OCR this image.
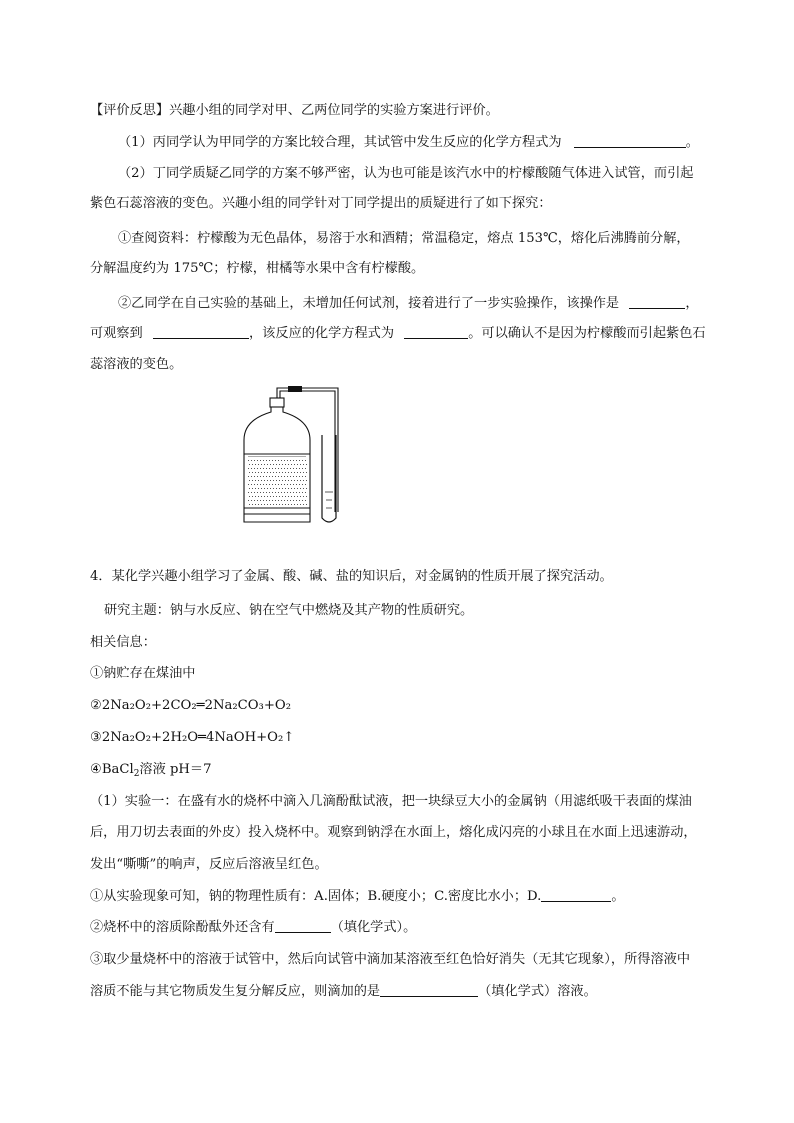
【评价反思】兴趣小组的同学对甲、乙两位同学的实验方案进行评价。
（1）丙同学认为甲同学的方案比较合理，其试管中发生反应的化学方程式为	。
（2）丁同学质疑乙同学的方案不够严密，认为也可能是该汽水中的柠檬酸随气体进入试管，而引起
紫色石蕊溶液的变色。兴趣小组的同学针对丁同学提出的质疑进行了如下探究：
①查阅资料：柠檬酸为无色晶体，易溶于水和酒精；常温稳定，熔点 153℃，熔化后沸腾前分解，
分解温度约为 175℃；柠檬，柑橘等水果中含有柠檬酸。
②乙同学在自己实验的基础上，未增加任何试剂，接着进行了一步实验操作，该操作是	，
可观察到	，该反应的化学方程式为	。可以确认不是因为柠檬酸而引起紫色石
蕊溶液的变色。
4．某化学兴趣小组学习了金属、酸、碱、盐的知识后，对金属钠的性质开展了探究活动。
研究主题：钠与水反应、钠在空气中燃烧及其产物的性质研究。
相关信息：
①钠贮存在煤油中
②2Na₂O₂+2CO₂═2Na₂CO₃+O₂
③2Na₂O₂+2H₂O═4NaOH+O₂↑
④BaCl$_2$溶液 pH＝7
（1）实验一：在盛有水的烧杯中滴入几滴酚酞试液，把一块绿豆大小的金属钠（用滤纸吸干表面的煤油
后，用刀切去表面的外皮）投入烧杯中。观察到钠浮在水面上，熔化成闪亮的小球且在水面上迅速游动，
发出“嘶嘶”的响声，反应后溶液呈红色。
①从实验现象可知，钠的物理性质有：A.固体；B.硬度小；C.密度比水小；D.	。
②烧杯中的溶质除酚酞外还含有	（填化学式）。
③取少量烧杯中的溶液于试管中，然后向试管中滴加某溶液至红色恰好消失（无其它现象），所得溶液中
溶质不能与其它物质发生复分解反应，则滴加的是	（填化学式）溶液。
